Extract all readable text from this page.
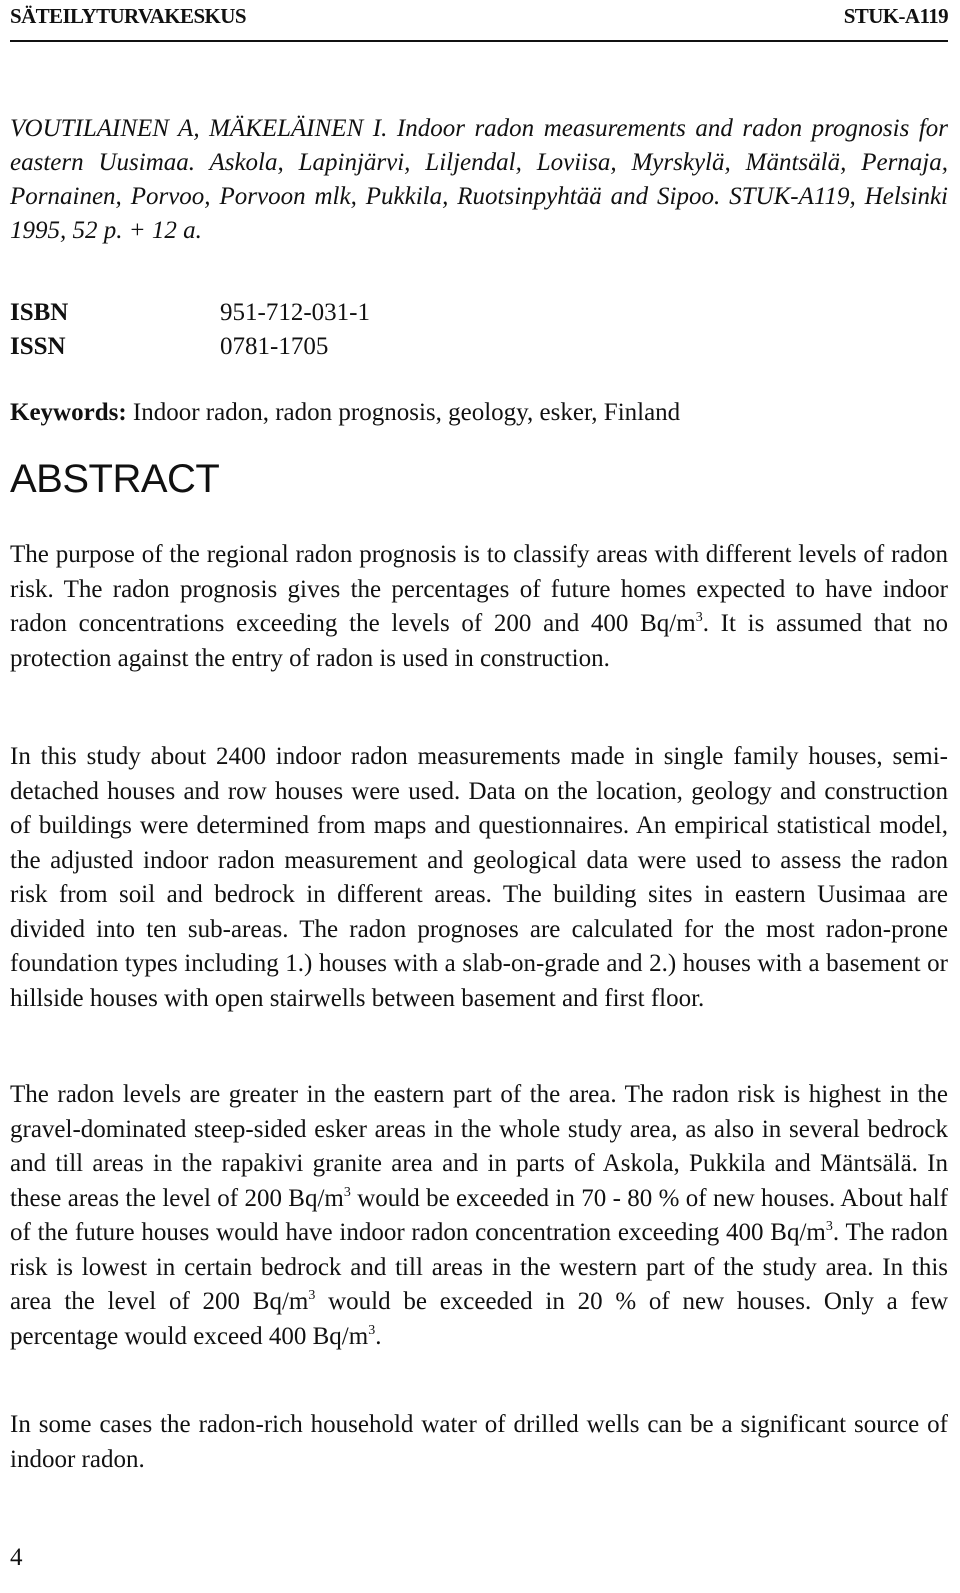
SÄTEILYTURVAKESKUS	STUK-A119
VOUTILAINEN A, MÄKELÄINEN I. Indoor radon measurements and radon prognosis for eastern Uusimaa. Askola, Lapinjärvi, Liljendal, Loviisa, Myrskylä, Mäntsälä, Pernaja, Pornainen, Porvoo, Porvoon mlk, Pukkila, Ruotsinpyhtää and Sipoo. STUK-A119, Helsinki 1995, 52 p. + 12 a.
ISBN	951-712-031-1
ISSN	0781-1705
Keywords: Indoor radon, radon prognosis, geology, esker, Finland
ABSTRACT

The purpose of the regional radon prognosis is to classify areas with different levels of radon risk. The radon prognosis gives the percentages of future homes expected to have indoor radon concentrations exceeding the levels of 200 and 400 $Bq/m^3$. It is assumed that no protection against the entry of radon is used in construction.

In this study about 2400 indoor radon measurements made in single family houses, semi-detached houses and row houses were used. Data on the location, geology and construction of buildings were determined from maps and questionnaires. An empirical statistical model, the adjusted indoor radon measurement and geological data were used to assess the radon risk from soil and bedrock in different areas. The building sites in eastern Uusimaa are divided into ten sub-areas. The radon prognoses are calculated for the most radon-prone foundation types including 1.) houses with a slab-on-grade and 2.) houses with a basement or hillside houses with open stairwells between basement and first floor.

The radon levels are greater in the eastern part of the area. The radon risk is highest in the gravel-dominated steep-sided esker areas in the whole study area, as also in several bedrock and till areas in the rapakivi granite area and in parts of Askola, Pukkila and Mäntsälä. In these areas the level of 200 $Bq/m^3$ would be exceeded in 70 - 80 % of new houses. About half of the future houses would have indoor radon concentration exceeding 400 $Bq/m^3$. The radon risk is lowest in certain bedrock and till areas in the western part of the study area. In this area the level of 200 $Bq/m^3$ would be exceeded in 20 % of new houses. Only a few percentage would exceed 400 $Bq/m^3$.

In some cases the radon-rich household water of drilled wells can be a significant source of indoor radon.

4
